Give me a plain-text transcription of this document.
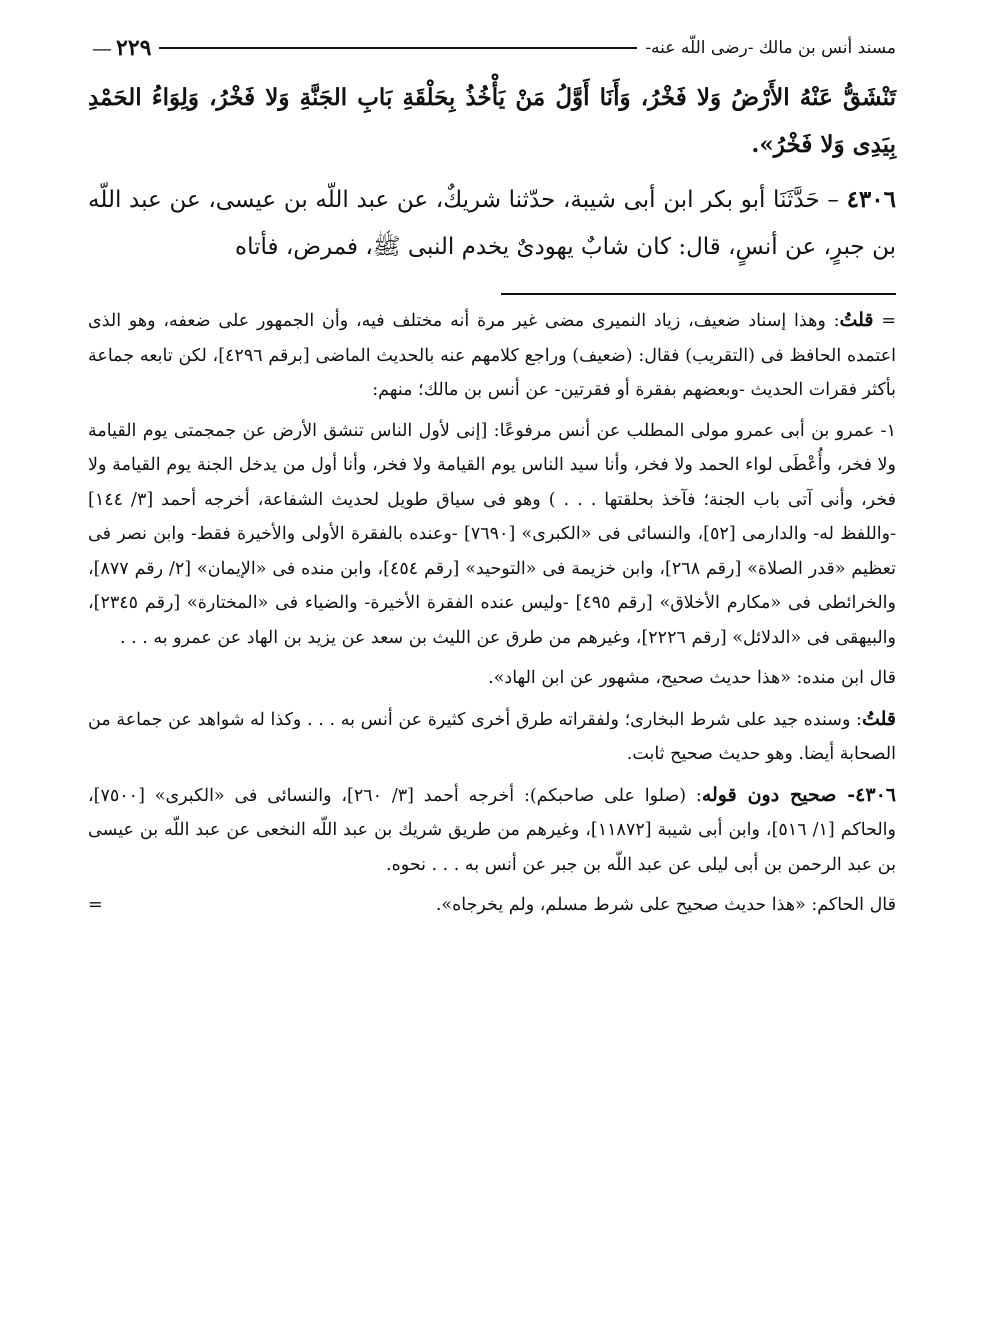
مسند أنس بن مالك -رضى اللّه عنه-
٢٢٩
—

تَنْشَقُّ عَنْهُ الأَرْضُ وَلا فَخْرُ، وَأَنَا أَوَّلُ مَنْ يَأْخُذُ بِحَلْقَةِ بَابِ الجَنَّةِ وَلا فَخْرُ، وَلِوَاءُ الحَمْدِ بِيَدِى وَلا فَخْرُ».

٤٣٠٦ – حَدَّثَنَا أبو بكر ابن أبى شيبة، حدّثنا شريكٌ، عن عبد اللّه بن عيسى، عن عبد اللّه بن جبرٍ، عن أنسٍ، قال: كان شابٌ يهودىٌ يخدم النبى ﷺ، فمرض، فأتاه

= قلتُ: وهذا إسناد ضعيف، زياد النميرى مضى غير مرة أنه مختلف فيه، وأن الجمهور على ضعفه، وهو الذى اعتمده الحافظ فى (التقريب) فقال: (ضعيف) وراجع كلامهم عنه بالحديث الماضى [برقم ٤٢٩٦]، لكن تابعه جماعة بأكثر فقرات الحديث -وبعضهم بفقرة أو فقرتين- عن أنس بن مالك؛ منهم:

١- عمرو بن أبى عمرو مولى المطلب عن أنس مرفوعًا: [إنى لأول الناس تنشق الأرض عن جمجمتى يوم القيامة ولا فخر، وأُعْطَى لواء الحمد ولا فخر، وأنا سيد الناس يوم القيامة ولا فخر، وأنا أول من يدخل الجنة يوم القيامة ولا فخر، وأنى آتى باب الجنة؛ فآخذ بحلقتها . . . ) وهو فى سياق طويل لحديث الشفاعة، أخرجه أحمد [٣/ ١٤٤] -واللفظ له- والدارمى [٥٢]، والنسائى فى «الكبرى» [٧٦٩٠] -وعنده بالفقرة الأولى والأخيرة فقط- وابن نصر فى تعظيم «قدر الصلاة» [رقم ٢٦٨]، وابن خزيمة فى «التوحيد» [رقم ٤٥٤]، وابن منده فى «الإيمان» [٢/ رقم ٨٧٧]، والخرائطى فى «مكارم الأخلاق» [رقم ٤٩٥] -وليس عنده الفقرة الأخيرة- والضياء فى «المختارة» [رقم ٢٣٤٥]، والبيهقى فى «الدلائل» [رقم ٢٢٢٦]، وغيرهم من طرق عن الليث بن سعد عن يزيد بن الهاد عن عمرو به . . .

قال ابن منده: «هذا حديث صحيح، مشهور عن ابن الهاد».

قلتُ: وسنده جيد على شرط البخارى؛ ولفقراته طرق أخرى كثيرة عن أنس به . . . وكذا له شواهد عن جماعة من الصحابة أيضا. وهو حديث صحيح ثابت.

٤٣٠٦- صحيح دون قوله: (صلوا على صاحبكم): أخرجه أحمد [٣/ ٢٦٠]، والنسائى فى «الكبرى» [٧٥٠٠]، والحاكم [١/ ٥١٦]، وابن أبى شيبة [١١٨٧٢]، وغيرهم من طريق شريك بن عبد اللّه النخعى عن عبد اللّه بن عيسى بن عبد الرحمن بن أبى ليلى عن عبد اللّه بن جبر عن أنس به . . . نحوه.

قال الحاكم: «هذا حديث صحيح على شرط مسلم، ولم يخرجاه».
=
